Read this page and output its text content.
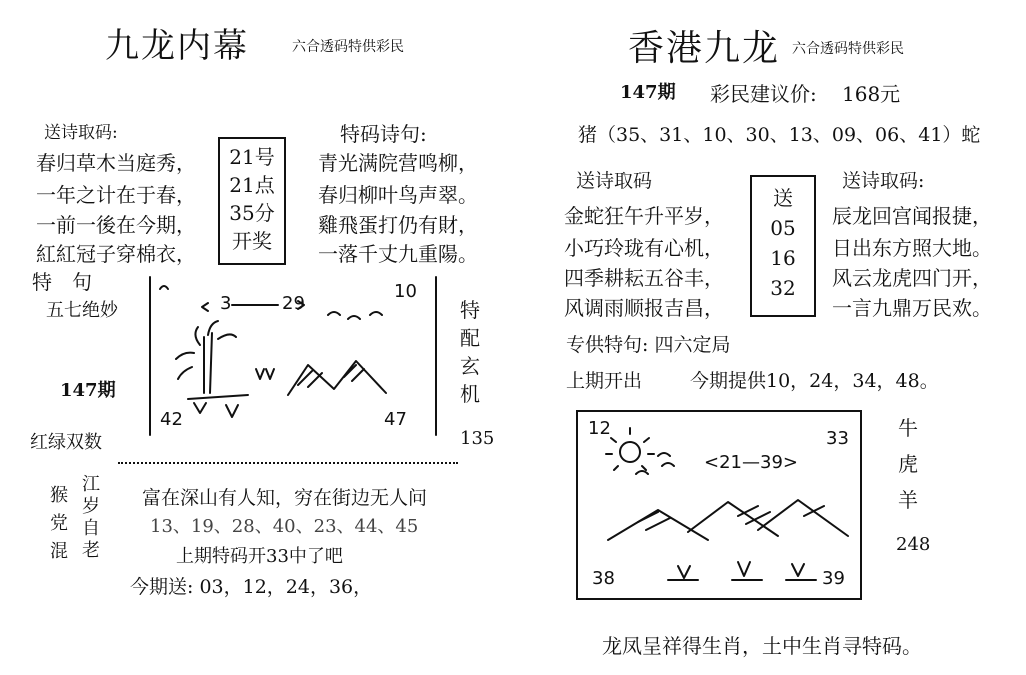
九龙内幕	六合透码特供彩民
送诗取码:
春归草木当庭秀，
一年之计在于春，
一前一後在今期，
紅紅冠子穿棉衣，
21号
21点
35分
开奖
特码诗句:
青光满院营鸣柳，
春归柳叶鸟声翠。
雞飛蛋打仍有財，
一落千丈九重陽。
特　句
五七绝妙
147期
红绿双数
3	29
10
42	47
特
配
玄
机
135
猴
党
混
江
岁
自
老
富在深山有人知，穷在街边无人问
13、19、28、40、23、44、45
上期特码开33中了吧
今期送: 03，12，24，36，
香港九龙 六合透码特供彩民
147期 彩民建议价: 168元
猪（35、31、10、30、13、09、06、41）蛇
送诗取码	送诗取码:
金蛇狂午升平岁，
小巧玲珑有心机，
四季耕耘五谷丰，
风调雨顺报吉昌，
送
05
16
32
辰龙回宫闻报捷，
日出东方照大地。
风云龙虎四门开，
一言九鼎万民欢。
专供特句: 四六定局
上期开出	今期提供10，24，34，48。
12	33
<21—39>
38	39
牛
虎
羊
248
龙凤呈祥得生肖，土中生肖寻特码。
